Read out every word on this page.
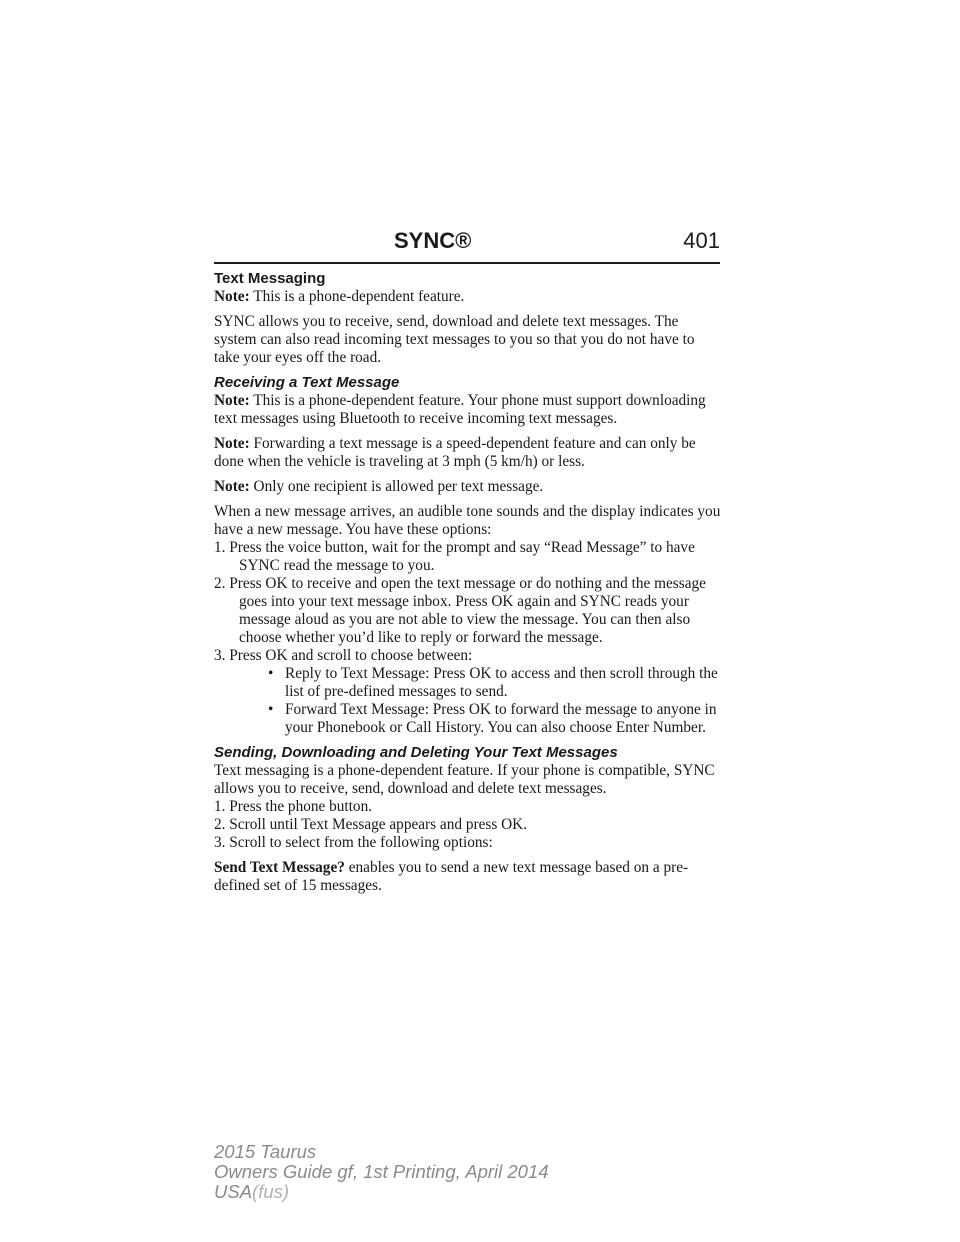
SYNC®	401

Text Messaging

Note: This is a phone-dependent feature.

SYNC allows you to receive, send, download and delete text messages. The system can also read incoming text messages to you so that you do not have to take your eyes off the road.

Receiving a Text Message

Note: This is a phone-dependent feature. Your phone must support downloading text messages using Bluetooth to receive incoming text messages.

Note: Forwarding a text message is a speed-dependent feature and can only be done when the vehicle is traveling at 3 mph (5 km/h) or less.

Note: Only one recipient is allowed per text message.

When a new message arrives, an audible tone sounds and the display indicates you have a new message. You have these options:

1. Press the voice button, wait for the prompt and say “Read Message” to have SYNC read the message to you.
2. Press OK to receive and open the text message or do nothing and the message goes into your text message inbox. Press OK again and SYNC reads your message aloud as you are not able to view the message. You can then also choose whether you’d like to reply or forward the message.
3. Press OK and scroll to choose between:
• Reply to Text Message: Press OK to access and then scroll through the list of pre-defined messages to send.
• Forward Text Message: Press OK to forward the message to anyone in your Phonebook or Call History. You can also choose Enter Number.

Sending, Downloading and Deleting Your Text Messages

Text messaging is a phone-dependent feature. If your phone is compatible, SYNC allows you to receive, send, download and delete text messages.

1. Press the phone button.
2. Scroll until Text Message appears and press OK.
3. Scroll to select from the following options:

Send Text Message? enables you to send a new text message based on a pre-defined set of 15 messages.

2015 Taurus
Owners Guide gf, 1st Printing, April 2014
USA(fus)
